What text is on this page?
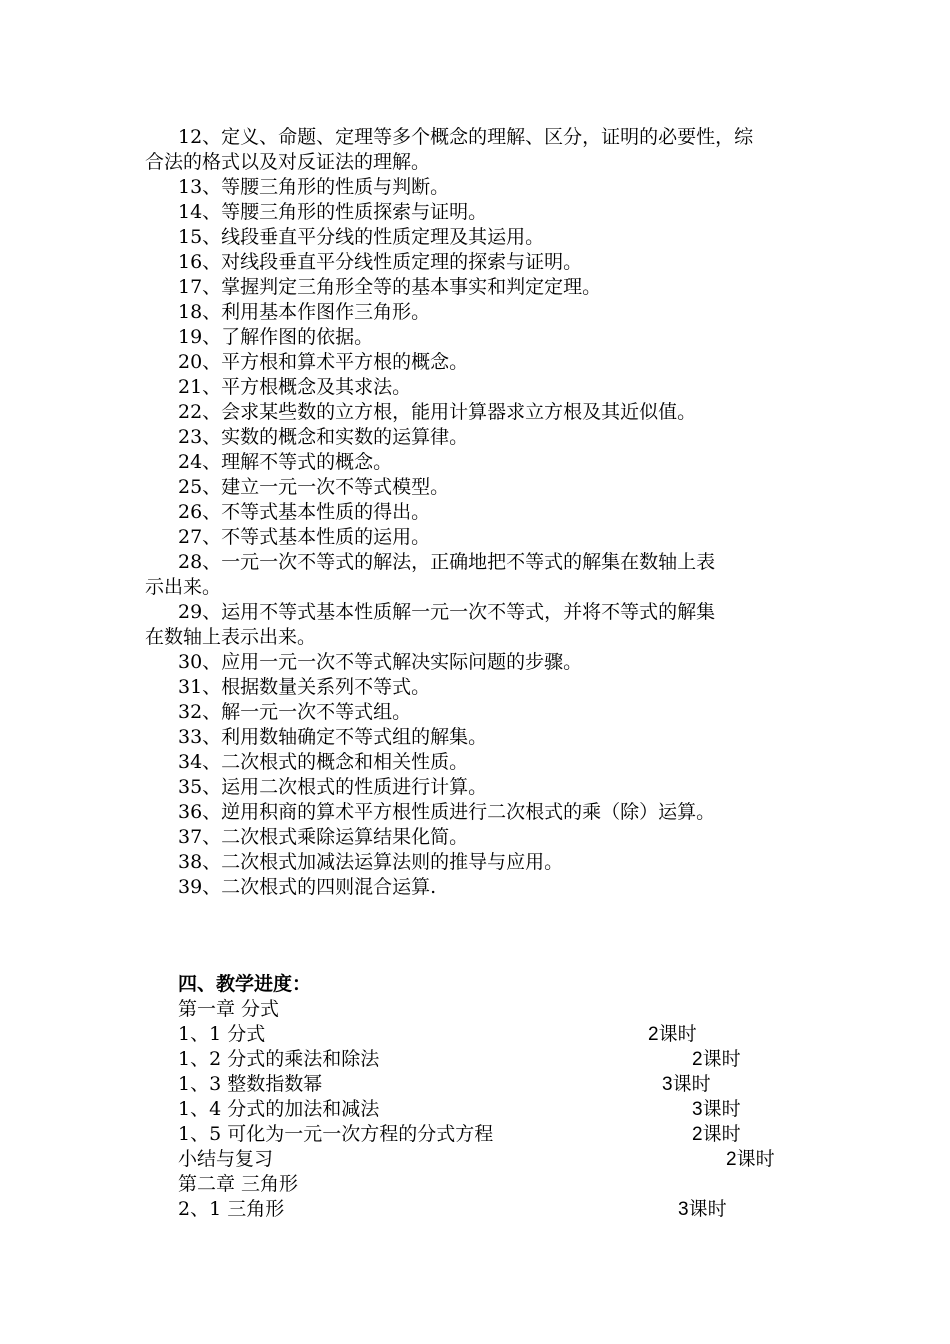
12、定义、命题、定理等多个概念的理解、区分，证明的必要性，综
合法的格式以及对反证法的理解。
13、等腰三角形的性质与判断。
14、等腰三角形的性质探索与证明。
15、线段垂直平分线的性质定理及其运用。
16、对线段垂直平分线性质定理的探索与证明。
17、掌握判定三角形全等的基本事实和判定定理。
18、利用基本作图作三角形。
19、了解作图的依据。
20、平方根和算术平方根的概念。
21、平方根概念及其求法。
22、会求某些数的立方根，能用计算器求立方根及其近似值。
23、实数的概念和实数的运算律。
24、理解不等式的概念。
25、建立一元一次不等式模型。
26、不等式基本性质的得出。
27、不等式基本性质的运用。
28、一元一次不等式的解法，正确地把不等式的解集在数轴上表
示出来。
29、运用不等式基本性质解一元一次不等式，并将不等式的解集
在数轴上表示出来。
30、应用一元一次不等式解决实际问题的步骤。
31、根据数量关系列不等式。
32、解一元一次不等式组。
33、利用数轴确定不等式组的解集。
34、二次根式的概念和相关性质。
35、运用二次根式的性质进行计算。
36、逆用积商的算术平方根性质进行二次根式的乘（除）运算。
37、二次根式乘除运算结果化简。
38、二次根式加减法运算法则的推导与应用。
39、二次根式的四则混合运算.
四、教学进度：
第一章 分式
1、1 分式	2课时
1、2 分式的乘法和除法	2课时
1、3 整数指数幂	3课时
1、4 分式的加法和减法	3课时
1、5 可化为一元一次方程的分式方程	2课时
小结与复习	2课时
第二章 三角形
2、1 三角形	3课时
